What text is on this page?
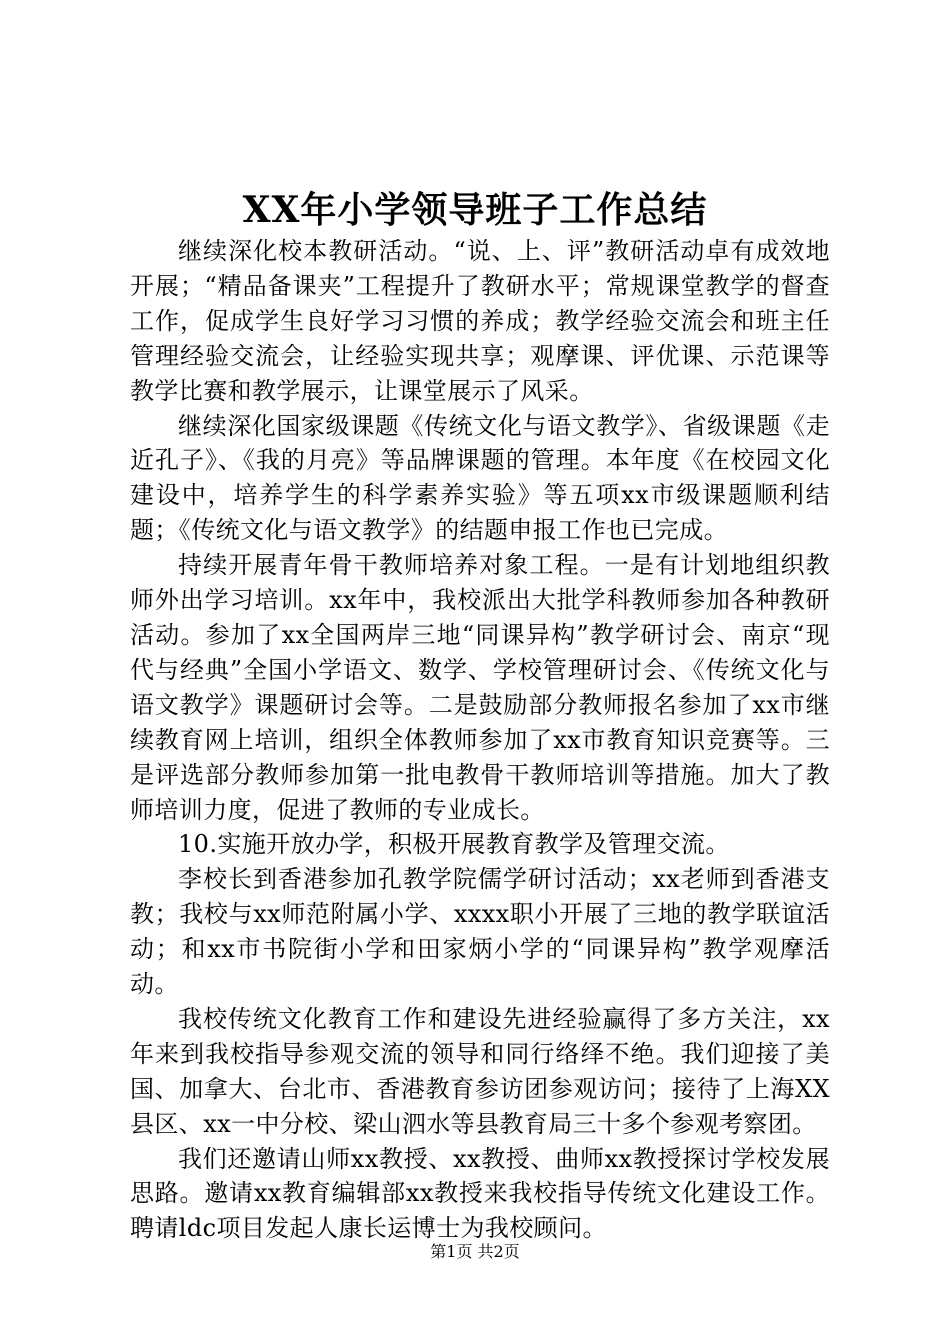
XX年小学领导班子工作总结

继续深化校本教研活动。“说、上、评”教研活动卓有成效地开展；“精品备课夹”工程提升了教研水平；常规课堂教学的督查工作，促成学生良好学习习惯的养成；教学经验交流会和班主任管理经验交流会，让经验实现共享；观摩课、评优课、示范课等教学比赛和教学展示，让课堂展示了风采。

继续深化国家级课题《传统文化与语文教学》、省级课题《走近孔子》、《我的月亮》等品牌课题的管理。本年度《在校园文化建设中，培养学生的科学素养实验》等五项xx市级课题顺利结题；《传统文化与语文教学》的结题申报工作也已完成。

持续开展青年骨干教师培养对象工程。一是有计划地组织教师外出学习培训。xx年中，我校派出大批学科教师参加各种教研活动。参加了xx全国两岸三地“同课异构”教学研讨会、南京“现代与经典”全国小学语文、数学、学校管理研讨会、《传统文化与语文教学》课题研讨会等。二是鼓励部分教师报名参加了xx市继续教育网上培训，组织全体教师参加了xx市教育知识竞赛等。三是评选部分教师参加第一批电教骨干教师培训等措施。加大了教师培训力度，促进了教师的专业成长。

10.实施开放办学，积极开展教育教学及管理交流。

李校长到香港参加孔教学院儒学研讨活动；xx老师到香港支教；我校与xx师范附属小学、xxxx职小开展了三地的教学联谊活动；和xx市书院街小学和田家炳小学的“同课异构”教学观摩活动。

我校传统文化教育工作和建设先进经验赢得了多方关注，xx年来到我校指导参观交流的领导和同行络绎不绝。我们迎接了美国、加拿大、台北市、香港教育参访团参观访问；接待了上海XX县区、xx一中分校、梁山泗水等县教育局三十多个参观考察团。

我们还邀请山师xx教授、xx教授、曲师xx教授探讨学校发展思路。邀请xx教育编辑部xx教授来我校指导传统文化建设工作。聘请ldc项目发起人康长运博士为我校顾问。

第1页 共2页
